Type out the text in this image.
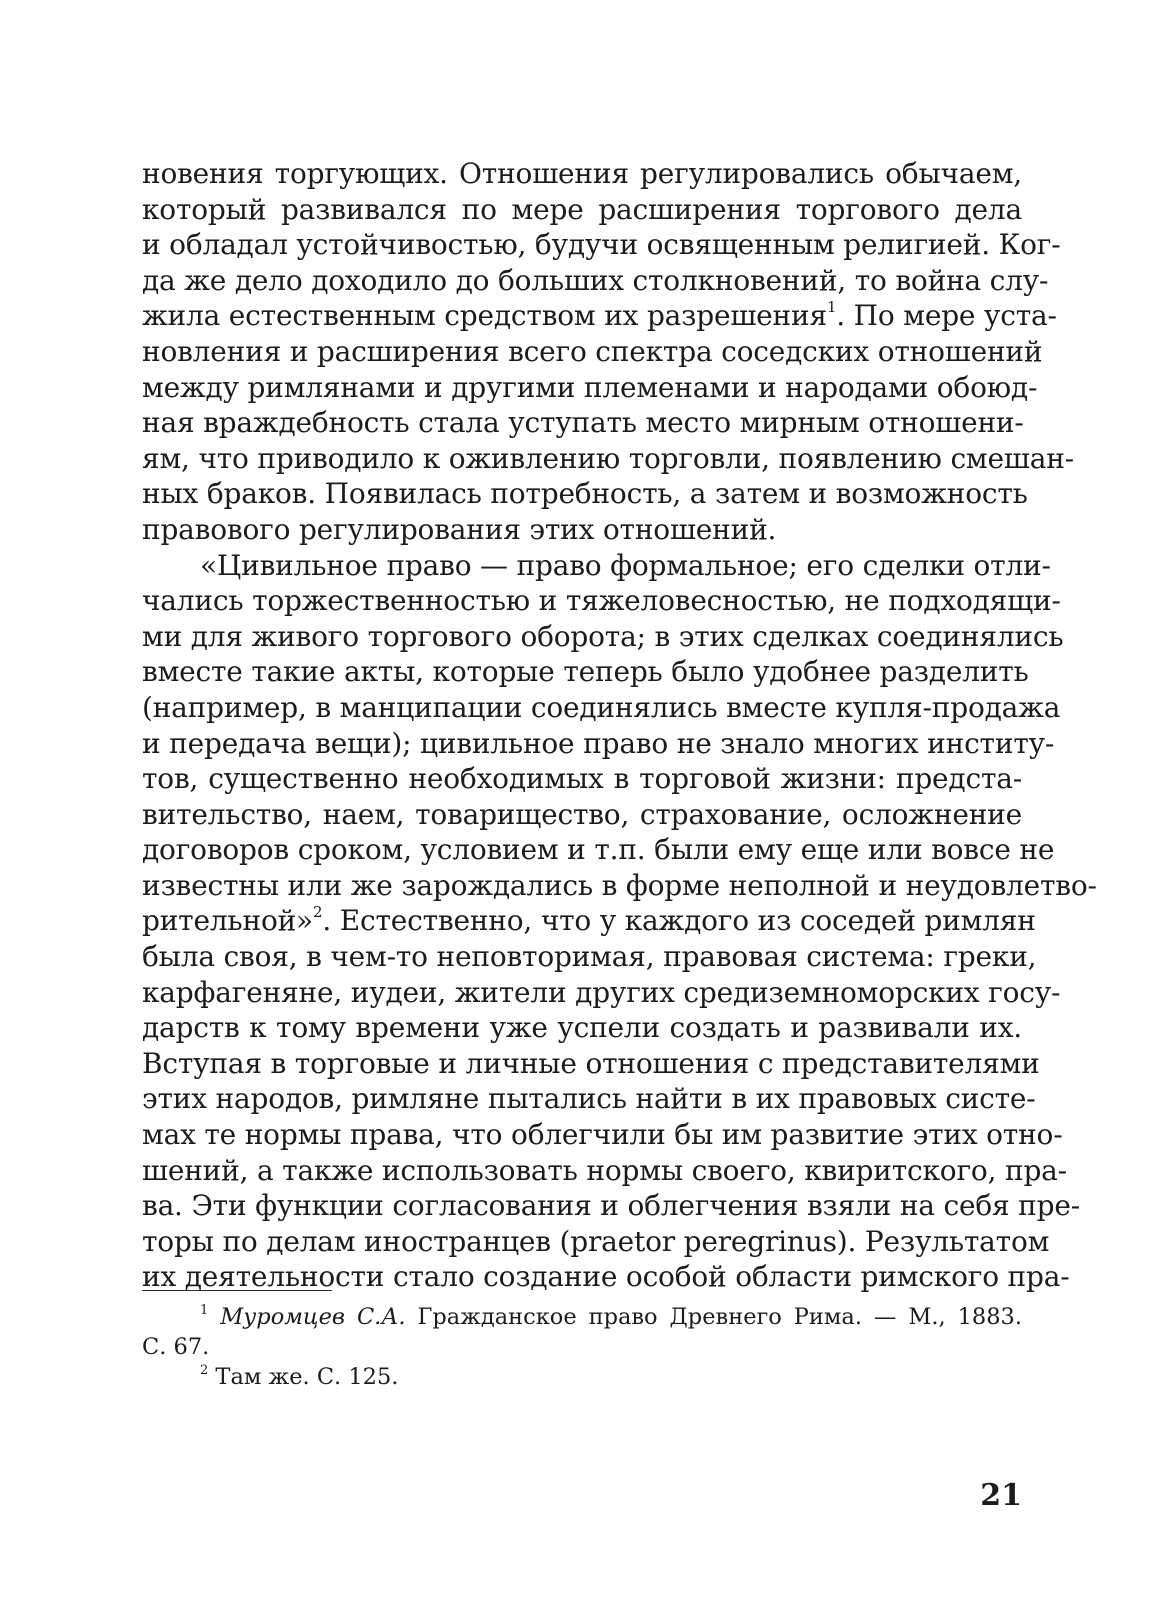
новения торгующих. Отношения регулировались обычаем,
который развивался по мере расширения торгового дела
и обладал устойчивостью, будучи освященным религией. Ког-
да же дело доходило до больших столкновений, то война слу-
жила естественным средством их разрешения$^1$. По мере уста-
новления и расширения всего спектра соседских отношений
между римлянами и другими племенами и народами обоюд-
ная враждебность стала уступать место мирным отношени-
ям, что приводило к оживлению торговли, появлению смешан-
ных браков. Появилась потребность, а затем и возможность
правового регулирования этих отношений.
«Цивильное право — право формальное; его сделки отли-
чались торжественностью и тяжеловесностью, не подходящи-
ми для живого торгового оборота; в этих сделках соединялись
вместе такие акты, которые теперь было удобнее разделить
(например, в манципации соединялись вместе купля-продажа
и передача вещи); цивильное право не знало многих институ-
тов, существенно необходимых в торговой жизни: предста-
вительство, наем, товарищество, страхование, осложнение
договоров сроком, условием и т.п. были ему еще или вовсе не
известны или же зарождались в форме неполной и неудовлетво-
рительной»$^2$. Естественно, что у каждого из соседей римлян
была своя, в чем-то неповторимая, правовая система: греки,
карфагеняне, иудеи, жители других средиземноморских госу-
дарств к тому времени уже успели создать и развивали их.
Вступая в торговые и личные отношения с представителями
этих народов, римляне пытались найти в их правовых систе-
мах те нормы права, что облегчили бы им развитие этих отно-
шений, а также использовать нормы своего, квиритского, пра-
ва. Эти функции согласования и облегчения взяли на себя пре-
торы по делам иностранцев (praetor peregrinus). Результатом
их деятельности стало создание особой области римского пра-
$^1$ Муромцев С.А. Гражданское право Древнего Рима. — М., 1883.
С. 67.
$^2$ Там же. С. 125.
21
